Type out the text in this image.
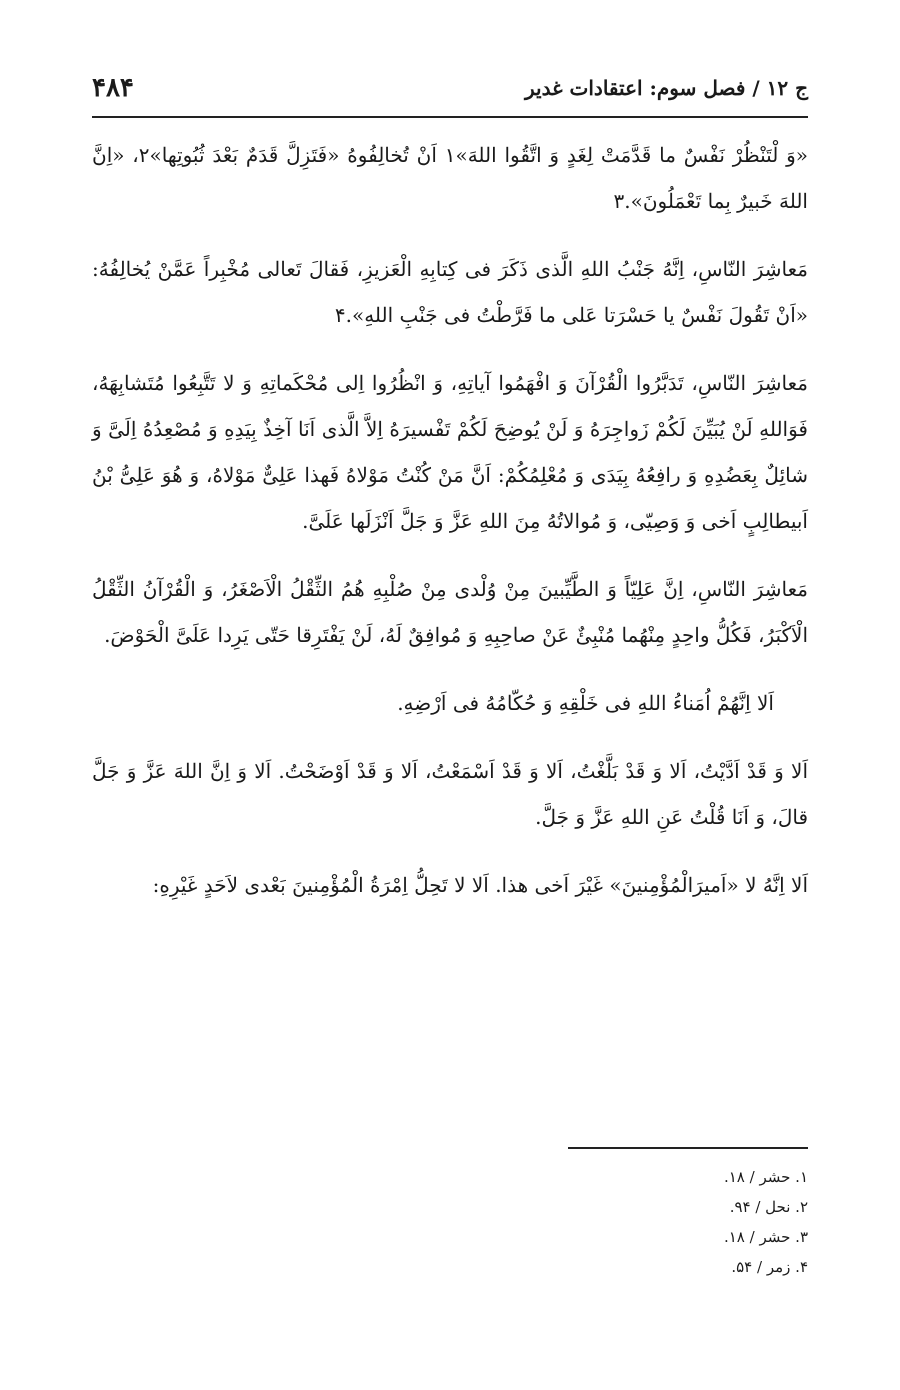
۴۸۴	ج ۱۲ / فصل سوم: اعتقادات غدير

«وَ لْتَنْظُرْ نَفْسٌ ما قَدَّمَتْ لِغَدٍ وَ اتَّقُوا اللهَ»۱ اَنْ تُخالِفُوهُ «فَتَزِلَّ قَدَمٌ بَعْدَ ثُبُوتِها»۲، «اِنَّ اللهَ خَبيرٌ بِما تَعْمَلُونَ».۳

مَعاشِرَ النّاسِ، اِنَّهُ جَنْبُ اللهِ الَّذی ذَکَرَ فی کِتابِهِ الْعَزیزِ، فَقالَ تَعالی مُخْبِراً عَمَّنْ یُخالِفُهُ: «اَنْ تَقُولَ نَفْسٌ یا حَسْرَتا عَلی ما فَرَّطْتُ فی جَنْبِ اللهِ».۴

مَعاشِرَ النّاسِ، تَدَبَّرُوا الْقُرْآنَ وَ افْهَمُوا آیاتِهِ، وَ انْظُرُوا اِلی مُحْکَماتِهِ وَ لا تَتَّبِعُوا مُتَشابِهَهُ، فَوَاللهِ لَنْ یُبَیِّنَ لَکُمْ زَواجِرَهُ وَ لَنْ یُوضِحَ لَکُمْ تَفْسیرَهُ اِلاَّ الَّذی اَنَا آخِذٌ بِیَدِهِ وَ مُصْعِدُهُ اِلَیَّ وَ شائِلٌ بِعَضُدِهِ وَ رافِعُهُ بِیَدَی وَ مُعْلِمُکُمْ: اَنَّ مَنْ کُنْتُ مَوْلاهُ فَهذا عَلِیٌّ مَوْلاهُ، وَ هُوَ عَلِیُّ بْنُ اَبیطالِبٍ اَخی وَ وَصِیّی، وَ مُوالاتُهُ مِنَ اللهِ عَزَّ وَ جَلَّ اَنْزَلَها عَلَیَّ.

مَعاشِرَ النّاسِ، اِنَّ عَلِیّاً وَ الطَّیِّبینَ مِنْ وُلْدی مِنْ صُلْبِهِ هُمُ الثِّقْلُ الْاَصْغَرُ، وَ الْقُرْآنُ الثِّقْلُ الْاَکْبَرُ، فَکُلُّ واحِدٍ مِنْهُما مُنْبِئٌ عَنْ صاحِبِهِ وَ مُوافِقٌ لَهُ، لَنْ یَفْتَرِقا حَتّی یَرِدا عَلَیَّ الْحَوْضَ.

اَلا اِنَّهُمْ اُمَناءُ اللهِ فی خَلْقِهِ وَ حُکّامُهُ فی اَرْضِهِ.

اَلا وَ قَدْ اَدَّیْتُ، اَلا وَ قَدْ بَلَّغْتُ، اَلا وَ قَدْ اَسْمَعْتُ، اَلا وَ قَدْ اَوْضَحْتُ. اَلا وَ اِنَّ اللهَ عَزَّ وَ جَلَّ قالَ، وَ اَنَا قُلْتُ عَنِ اللهِ عَزَّ وَ جَلَّ.

اَلا اِنَّهُ لا «اَمیرَالْمُؤْمِنینَ» غَیْرَ اَخی هذا. اَلا لا تَحِلُّ اِمْرَةُ الْمُؤْمِنینَ بَعْدی لاَحَدٍ غَیْرِهِ:

۱. حشر / ۱۸.
۲. نحل / ۹۴.
۳. حشر / ۱۸.
۴. زمر / ۵۴.
